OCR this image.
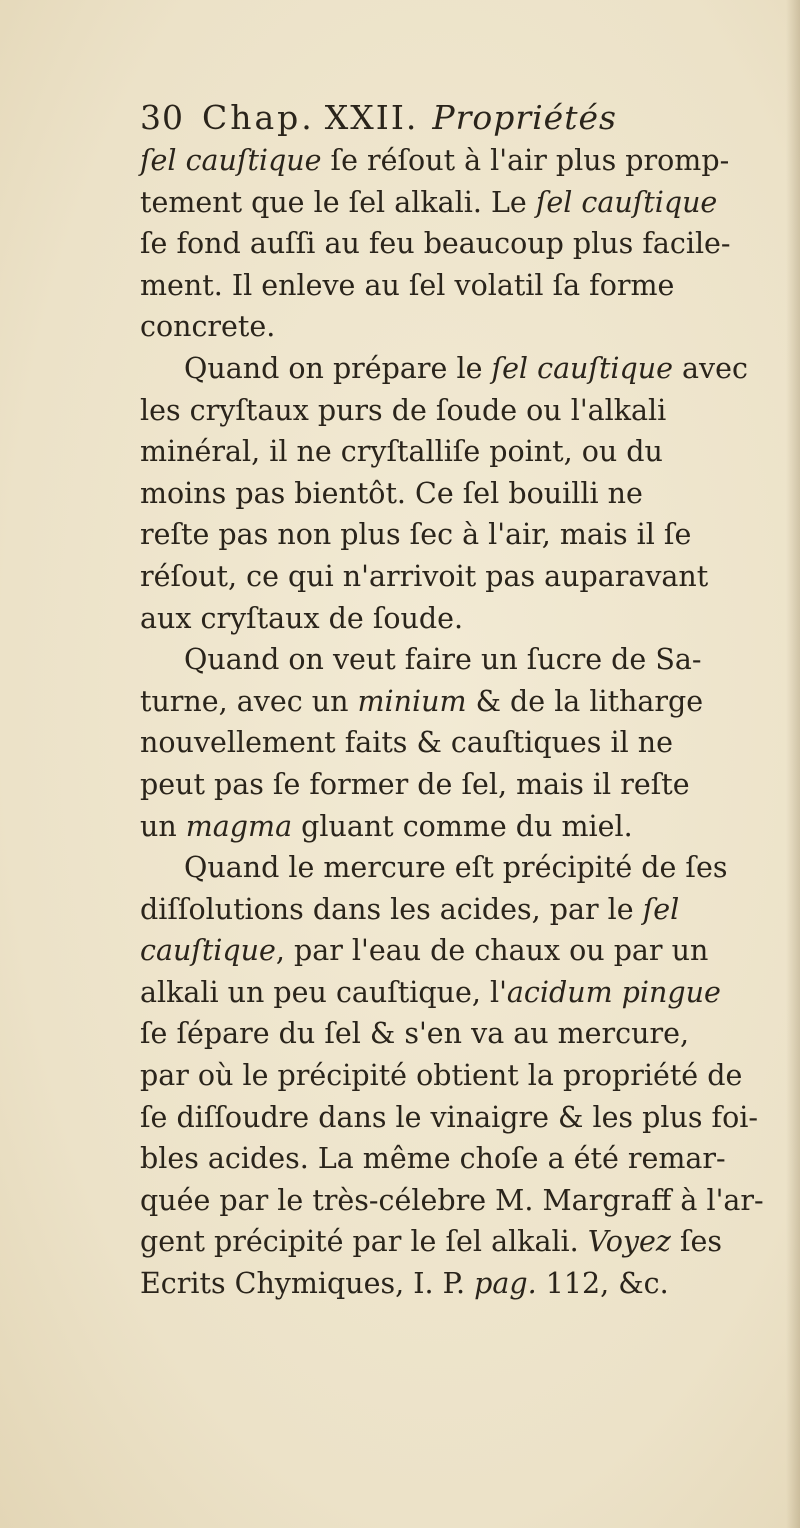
30 Chap. XXII. Propriétés
ſel cauſtique ſe réſout à l'air plus promp-
tement que le ſel alkali. Le ſel cauſtique
ſe fond auſſi au feu beaucoup plus facile-
ment. Il enleve au ſel volatil ſa forme
concrete.
Quand on prépare le ſel cauſtique avec
les cryſtaux purs de ſoude ou l'alkali
minéral, il ne cryſtalliſe point, ou du
moins pas bientôt. Ce ſel bouilli ne
reſte pas non plus ſec à l'air, mais il ſe
réſout, ce qui n'arrivoit pas auparavant
aux cryſtaux de ſoude.
Quand on veut faire un ſucre de Sa-
turne, avec un minium & de la litharge
nouvellement faits & cauſtiques il ne
peut pas ſe former de ſel, mais il reſte
un magma gluant comme du miel.
Quand le mercure eſt précipité de ſes
diſſolutions dans les acides, par le ſel
cauſtique, par l'eau de chaux ou par un
alkali un peu cauſtique, l'acidum pingue
ſe ſépare du ſel & s'en va au mercure,
par où le précipité obtient la propriété de
ſe diſſoudre dans le vinaigre & les plus foi-
bles acides. La même choſe a été remar-
quée par le très-célebre M. Margraff à l'ar-
gent précipité par le ſel alkali. Voyez ſes
Ecrits Chymiques, I. P. pag. 112, &c.
